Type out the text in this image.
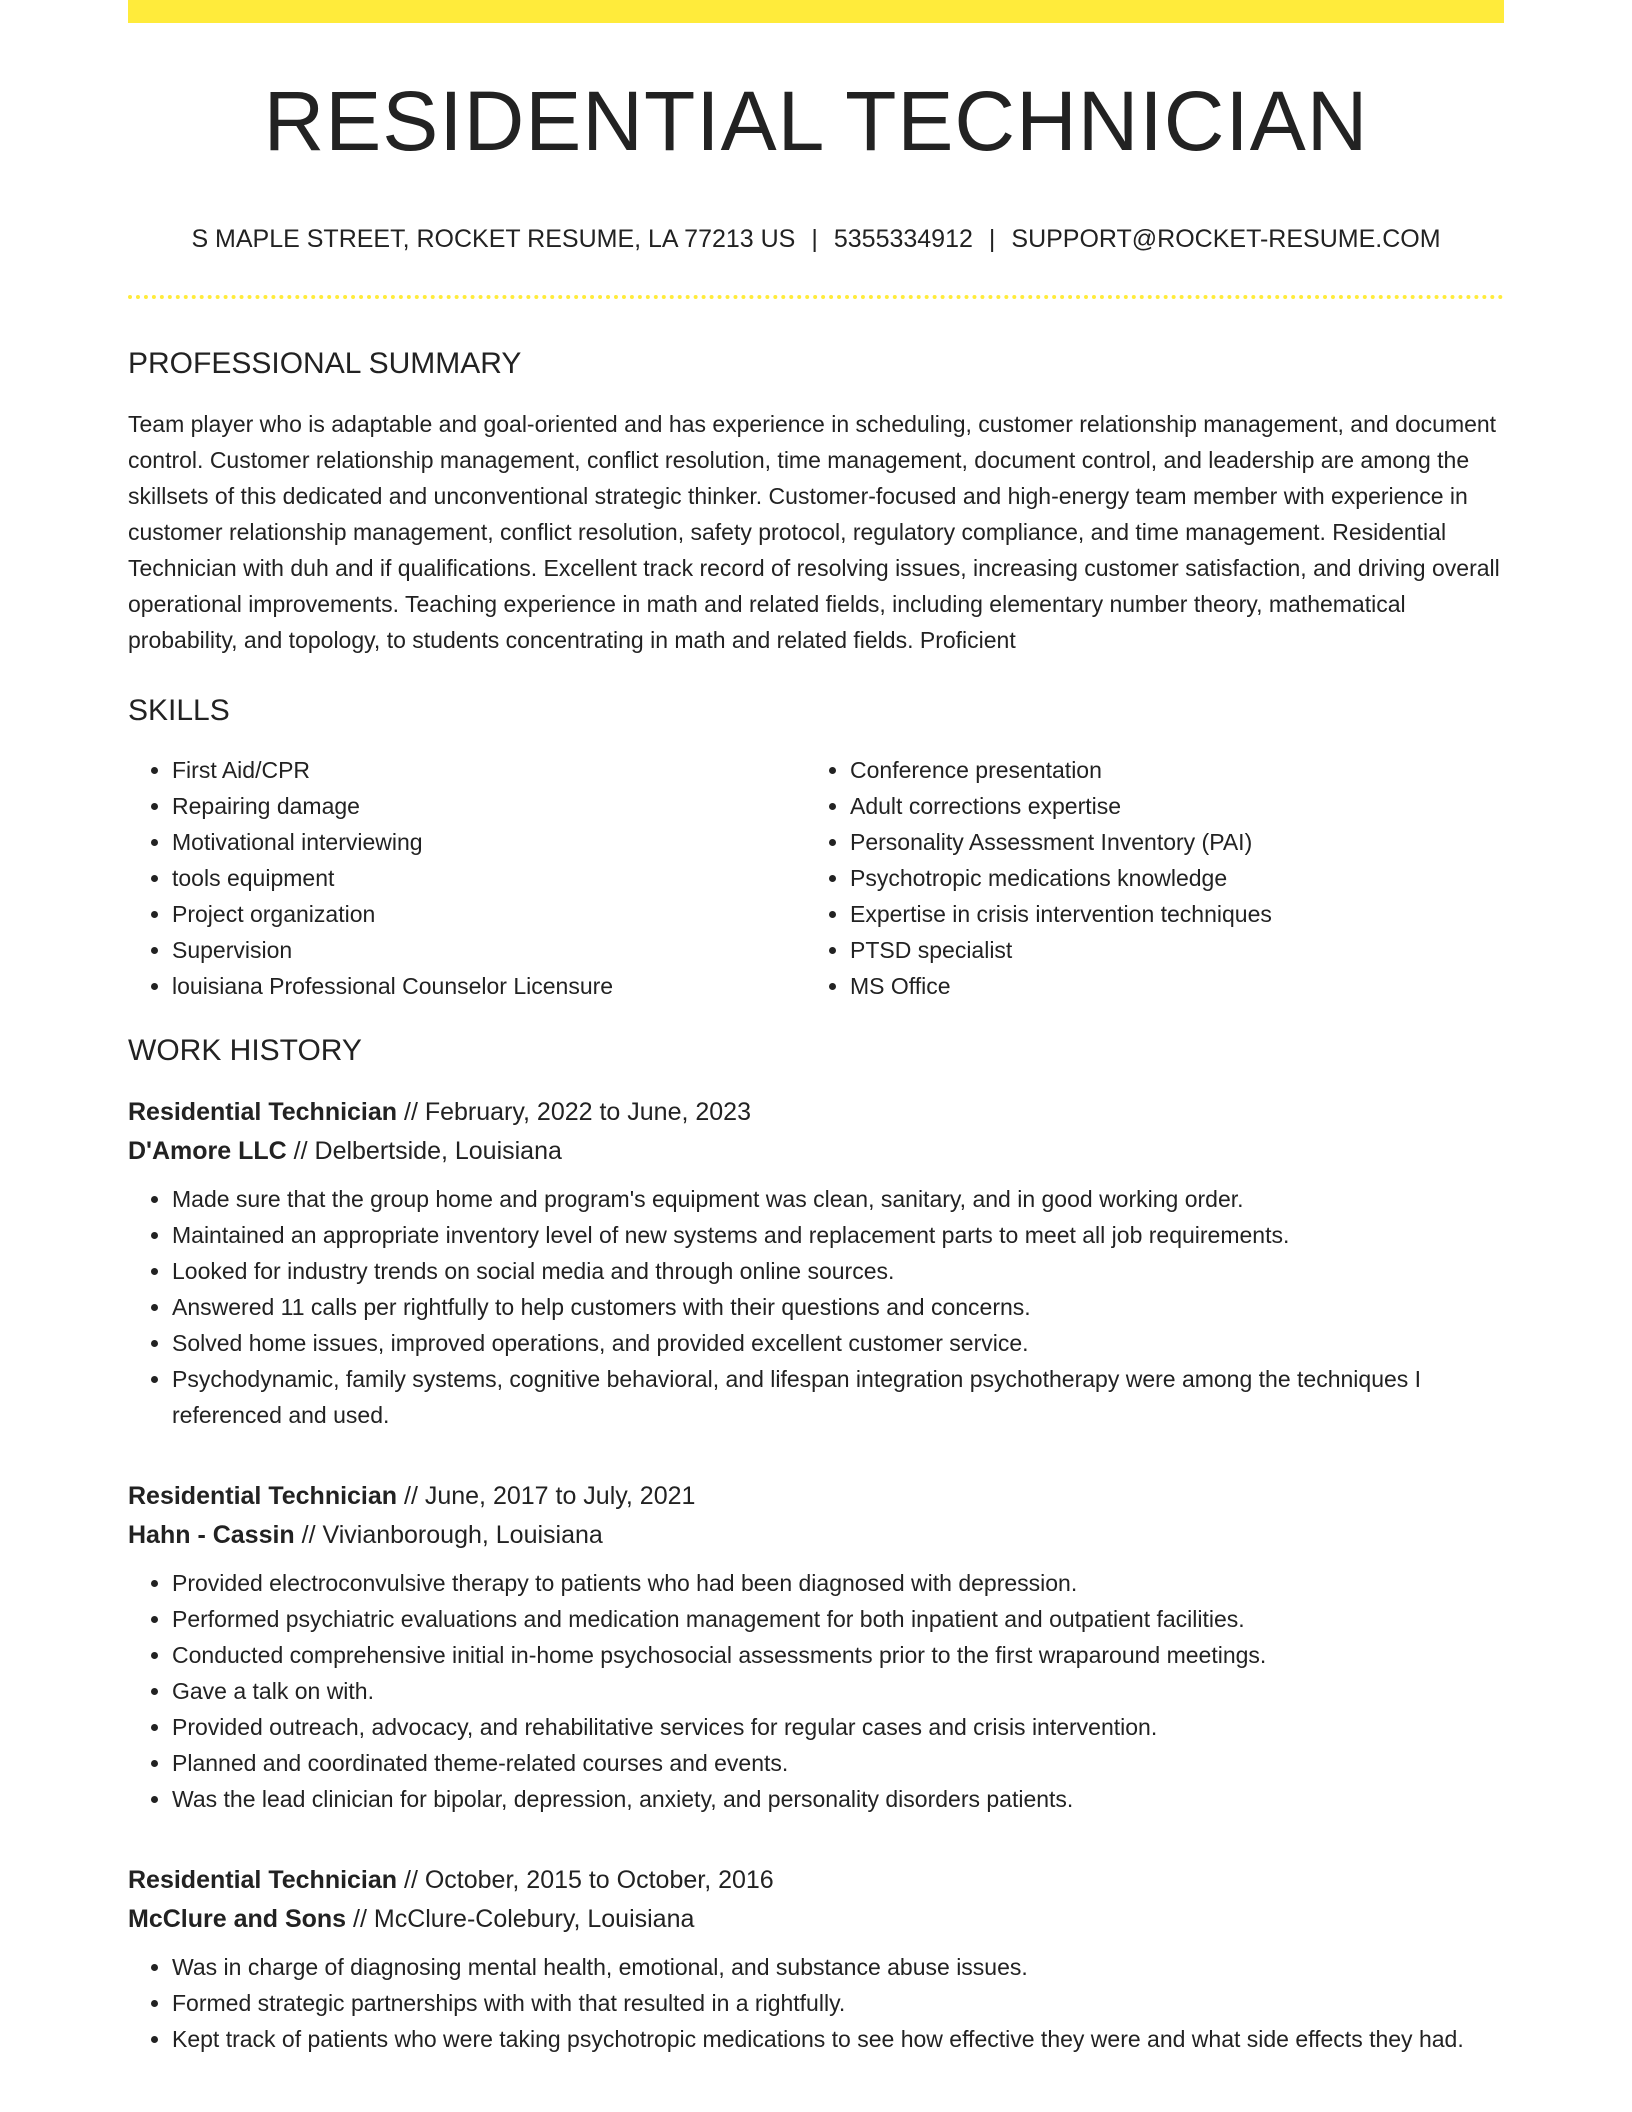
RESIDENTIAL TECHNICIAN
S MAPLE STREET, ROCKET RESUME, LA 77213 US | 5355334912 | SUPPORT@ROCKET-RESUME.COM
PROFESSIONAL SUMMARY
Team player who is adaptable and goal-oriented and has experience in scheduling, customer relationship management, and document control. Customer relationship management, conflict resolution, time management, document control, and leadership are among the skillsets of this dedicated and unconventional strategic thinker. Customer-focused and high-energy team member with experience in customer relationship management, conflict resolution, safety protocol, regulatory compliance, and time management. Residential Technician with duh and if qualifications. Excellent track record of resolving issues, increasing customer satisfaction, and driving overall operational improvements. Teaching experience in math and related fields, including elementary number theory, mathematical probability, and topology, to students concentrating in math and related fields. Proficient
SKILLS
• First Aid/CPR
• Repairing damage
• Motivational interviewing
• tools equipment
• Project organization
• Supervision
• louisiana Professional Counselor Licensure
• Conference presentation
• Adult corrections expertise
• Personality Assessment Inventory (PAI)
• Psychotropic medications knowledge
• Expertise in crisis intervention techniques
• PTSD specialist
• MS Office
WORK HISTORY
Residential Technician // February, 2022 to June, 2023
D'Amore LLC // Delbertside, Louisiana
• Made sure that the group home and program's equipment was clean, sanitary, and in good working order.
• Maintained an appropriate inventory level of new systems and replacement parts to meet all job requirements.
• Looked for industry trends on social media and through online sources.
• Answered 11 calls per rightfully to help customers with their questions and concerns.
• Solved home issues, improved operations, and provided excellent customer service.
• Psychodynamic, family systems, cognitive behavioral, and lifespan integration psychotherapy were among the techniques I referenced and used.
Residential Technician // June, 2017 to July, 2021
Hahn - Cassin // Vivianborough, Louisiana
• Provided electroconvulsive therapy to patients who had been diagnosed with depression.
• Performed psychiatric evaluations and medication management for both inpatient and outpatient facilities.
• Conducted comprehensive initial in-home psychosocial assessments prior to the first wraparound meetings.
• Gave a talk on with.
• Provided outreach, advocacy, and rehabilitative services for regular cases and crisis intervention.
• Planned and coordinated theme-related courses and events.
• Was the lead clinician for bipolar, depression, anxiety, and personality disorders patients.
Residential Technician // October, 2015 to October, 2016
McClure and Sons // McClure-Colebury, Louisiana
• Was in charge of diagnosing mental health, emotional, and substance abuse issues.
• Formed strategic partnerships with with that resulted in a rightfully.
• Kept track of patients who were taking psychotropic medications to see how effective they were and what side effects they had.
